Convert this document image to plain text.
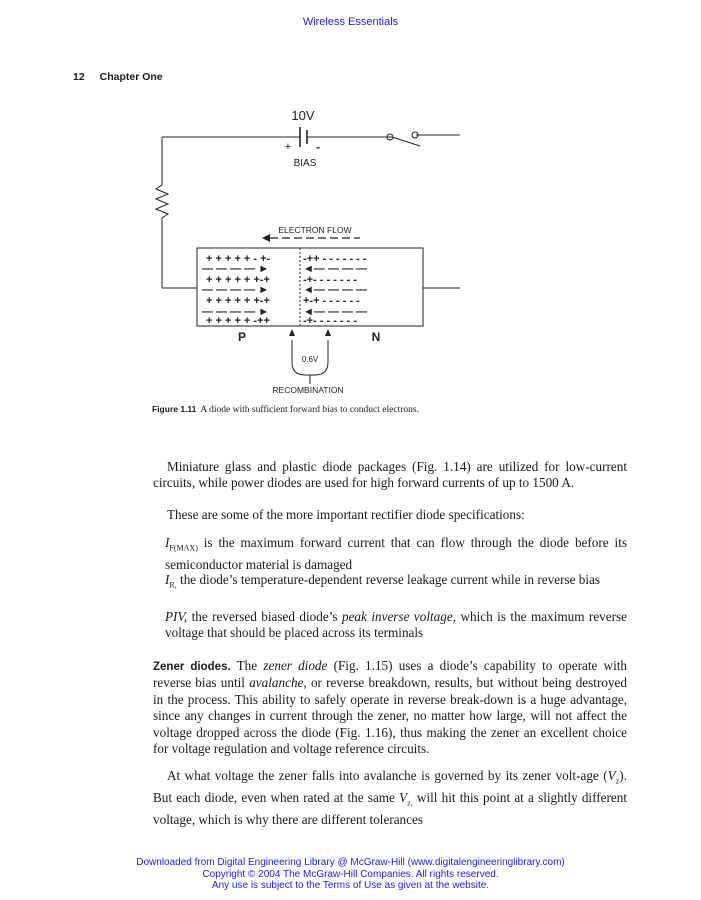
Wireless Essentials
12 Chapter One
+ + + + + - +-
— — — — ►
+ + + + + +-+
— — — — ►
+ + + + + +-+
— — — — ►
+ + + + + -++
-++ - - - - - - -
◄— — — —
-+- - - - - - -
◄— — — —
+-+ - - - - - -
◄— — — —
-+- - - - - - -
10V
+ -
BIAS
ELECTRON FLOW
P	N
0.6V
RECOMBINATION
Figure 1.11 A diode with sufficient forward bias to conduct electrons.
Miniature glass and plastic diode packages (Fig. 1.14) are utilized for low-current circuits, while power diodes are used for high forward currents of up to 1500 A.
These are some of the more important rectifier diode specifications:
$I_{F(MAX)}$ is the maximum forward current that can flow through the diode before its semiconductor material is damaged
$I_{R,}$ the diode’s temperature-dependent reverse leakage current while in reverse bias
PIV, the reversed biased diode’s peak inverse voltage, which is the maximum reverse voltage that should be placed across its terminals
Zener diodes. The zener diode (Fig. 1.15) uses a diode’s capability to operate with reverse bias until avalanche, or reverse breakdown, results, but without being destroyed in the process. This ability to safely operate in reverse break-down is a huge advantage, since any changes in current through the zener, no matter how large, will not affect the voltage dropped across the diode (Fig. 1.16), thus making the zener an excellent choice for voltage regulation and voltage reference circuits.
At what voltage the zener falls into avalanche is governed by its zener volt-age $(V_z)$. But each diode, even when rated at the same $V_{z,}$ will hit this point at a slightly different voltage, which is why there are different tolerances
Downloaded from Digital Engineering Library @ McGraw-Hill (www.digitalengineeringlibrary.com)
Copyright © 2004 The McGraw-Hill Companies. All rights reserved.
Any use is subject to the Terms of Use as given at the website.
